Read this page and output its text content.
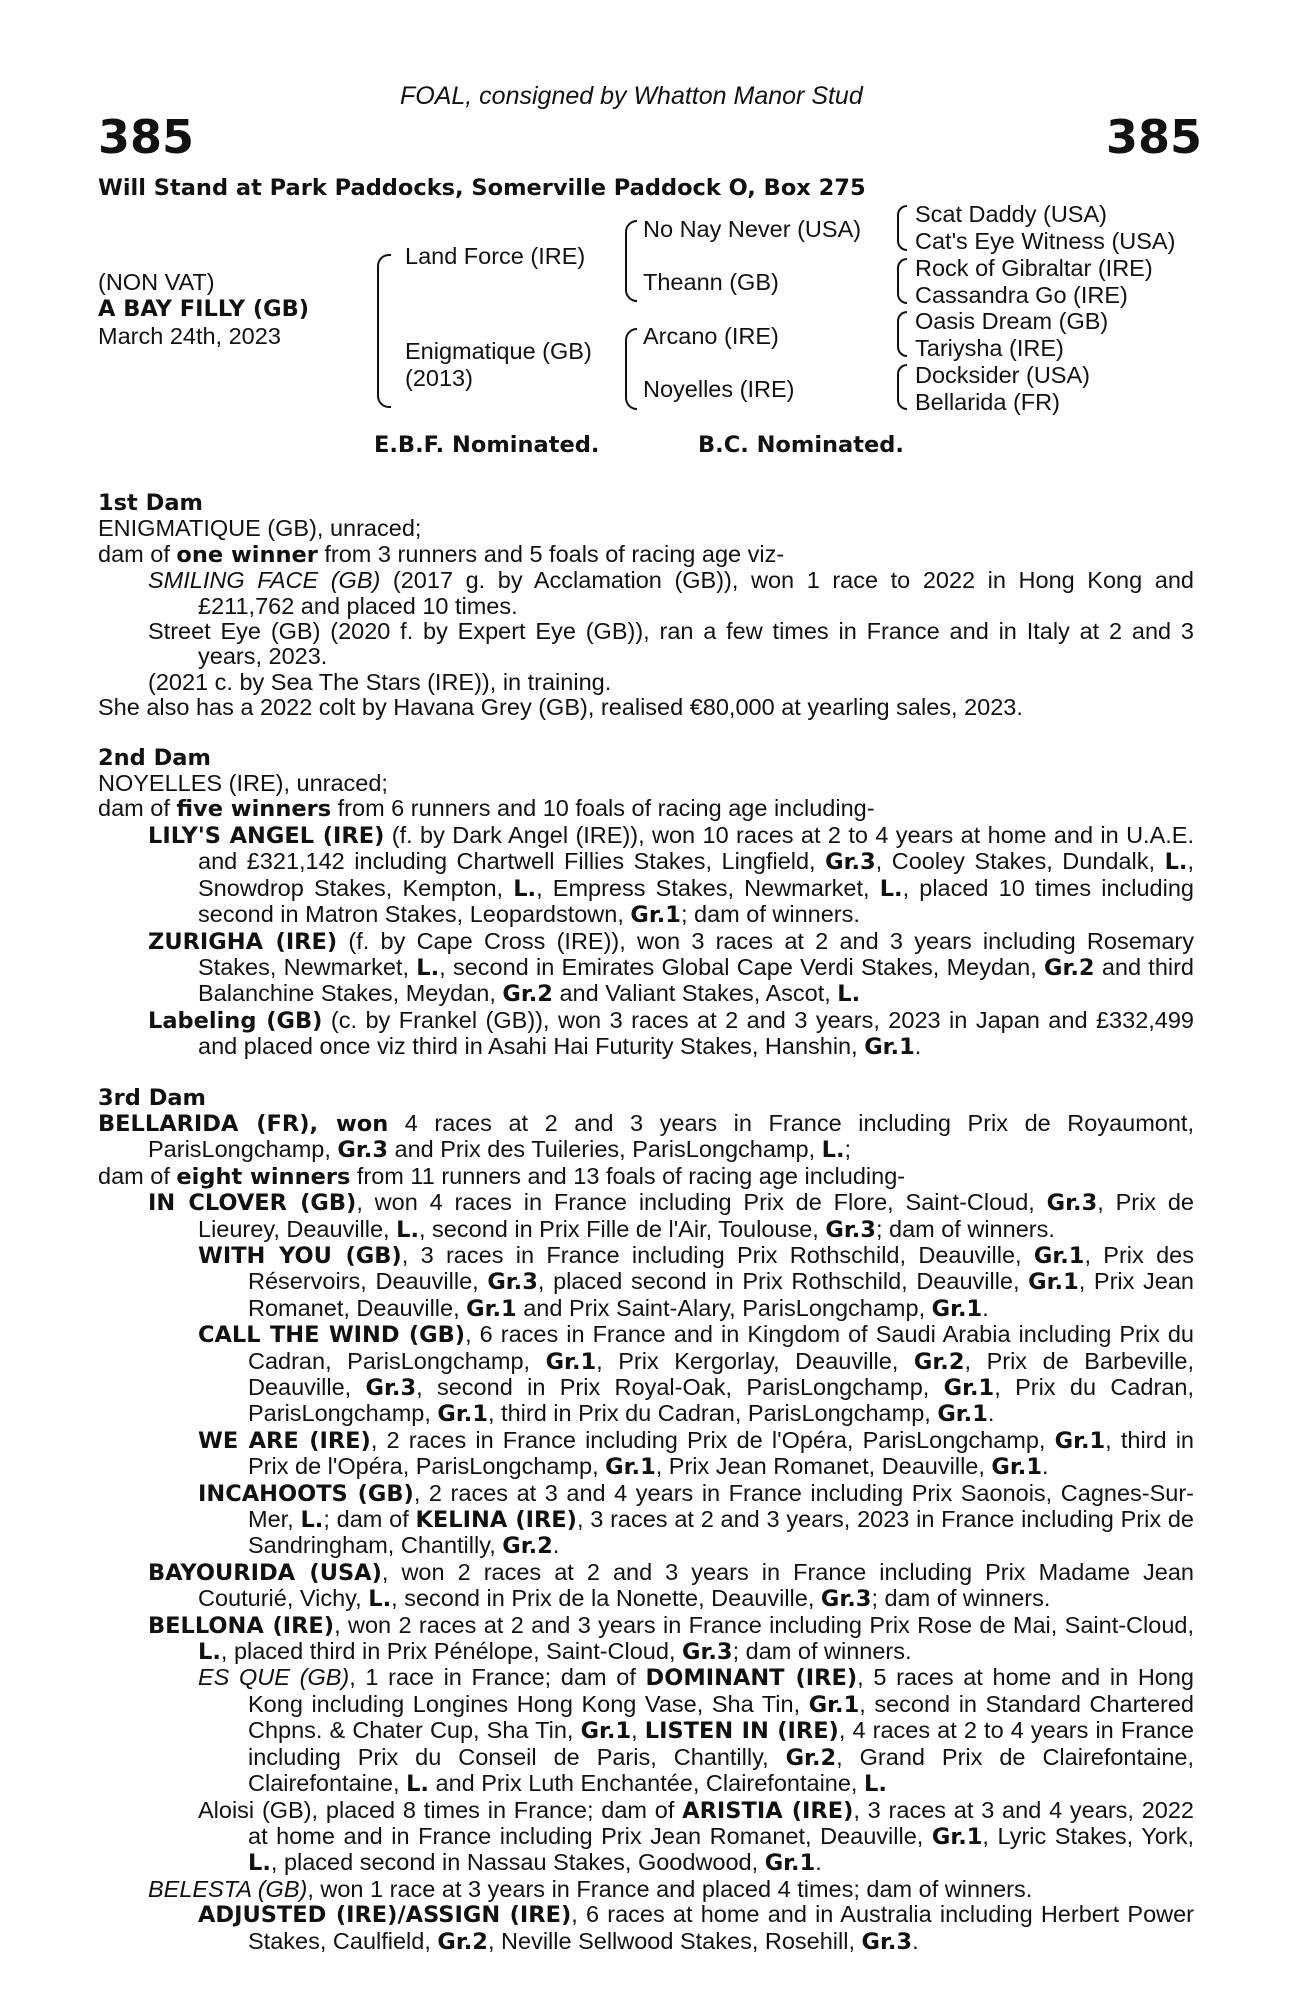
FOAL, consigned by Whatton Manor Stud
385	385
Will Stand at Park Paddocks, Somerville Paddock O, Box 275
(NON VAT)
A BAY FILLY (GB)
March 24th, 2023
Land Force (IRE)
Enigmatique (GB)
(2013)
No Nay Never (USA)
Theann (GB)
Arcano (IRE)
Noyelles (IRE)
Scat Daddy (USA)
Cat's Eye Witness (USA)
Rock of Gibraltar (IRE)
Cassandra Go (IRE)
Oasis Dream (GB)
Tariysha (IRE)
Docksider (USA)
Bellarida (FR)
E.B.F. Nominated.	B.C. Nominated.

1st Dam

ENIGMATIQUE (GB), unraced;

dam of one winner from 3 runners and 5 foals of racing age viz-

SMILING FACE (GB) (2017 g. by Acclamation (GB)), won 1 race to 2022 in Hong Kong and £211,762 and placed 10 times.

Street Eye (GB) (2020 f. by Expert Eye (GB)), ran a few times in France and in Italy at 2 and 3 years, 2023.

(2021 c. by Sea The Stars (IRE)), in training.

She also has a 2022 colt by Havana Grey (GB), realised €80,000 at yearling sales, 2023.

2nd Dam

NOYELLES (IRE), unraced;

dam of five winners from 6 runners and 10 foals of racing age including-

LILY'S ANGEL (IRE) (f. by Dark Angel (IRE)), won 10 races at 2 to 4 years at home and in U.A.E. and £321,142 including Chartwell Fillies Stakes, Lingfield, Gr.3, Cooley Stakes, Dundalk, L., Snowdrop Stakes, Kempton, L., Empress Stakes, Newmarket, L., placed 10 times including second in Matron Stakes, Leopardstown, Gr.1; dam of winners.

ZURIGHA (IRE) (f. by Cape Cross (IRE)), won 3 races at 2 and 3 years including Rosemary Stakes, Newmarket, L., second in Emirates Global Cape Verdi Stakes, Meydan, Gr.2 and third Balanchine Stakes, Meydan, Gr.2 and Valiant Stakes, Ascot, L.

Labeling (GB) (c. by Frankel (GB)), won 3 races at 2 and 3 years, 2023 in Japan and £332,499 and placed once viz third in Asahi Hai Futurity Stakes, Hanshin, Gr.1.

3rd Dam

BELLARIDA (FR), won 4 races at 2 and 3 years in France including Prix de Royaumont, ParisLongchamp, Gr.3 and Prix des Tuileries, ParisLongchamp, L.;

dam of eight winners from 11 runners and 13 foals of racing age including-

IN CLOVER (GB), won 4 races in France including Prix de Flore, Saint-Cloud, Gr.3, Prix de Lieurey, Deauville, L., second in Prix Fille de l'Air, Toulouse, Gr.3; dam of winners.

WITH YOU (GB), 3 races in France including Prix Rothschild, Deauville, Gr.1, Prix des Réservoirs, Deauville, Gr.3, placed second in Prix Rothschild, Deauville, Gr.1, Prix Jean Romanet, Deauville, Gr.1 and Prix Saint-Alary, ParisLongchamp, Gr.1.

CALL THE WIND (GB), 6 races in France and in Kingdom of Saudi Arabia including Prix du Cadran, ParisLongchamp, Gr.1, Prix Kergorlay, Deauville, Gr.2, Prix de Barbeville, Deauville, Gr.3, second in Prix Royal-Oak, ParisLongchamp, Gr.1, Prix du Cadran, ParisLongchamp, Gr.1, third in Prix du Cadran, ParisLongchamp, Gr.1.

WE ARE (IRE), 2 races in France including Prix de l'Opéra, ParisLongchamp, Gr.1, third in Prix de l'Opéra, ParisLongchamp, Gr.1, Prix Jean Romanet, Deauville, Gr.1.

INCAHOOTS (GB), 2 races at 3 and 4 years in France including Prix Saonois, Cagnes-Sur-Mer, L.; dam of KELINA (IRE), 3 races at 2 and 3 years, 2023 in France including Prix de Sandringham, Chantilly, Gr.2.

BAYOURIDA (USA), won 2 races at 2 and 3 years in France including Prix Madame Jean Couturié, Vichy, L., second in Prix de la Nonette, Deauville, Gr.3; dam of winners.

BELLONA (IRE), won 2 races at 2 and 3 years in France including Prix Rose de Mai, Saint-Cloud, L., placed third in Prix Pénélope, Saint-Cloud, Gr.3; dam of winners.

ES QUE (GB), 1 race in France; dam of DOMINANT (IRE), 5 races at home and in Hong Kong including Longines Hong Kong Vase, Sha Tin, Gr.1, second in Standard Chartered Chpns. & Chater Cup, Sha Tin, Gr.1, LISTEN IN (IRE), 4 races at 2 to 4 years in France including Prix du Conseil de Paris, Chantilly, Gr.2, Grand Prix de Clairefontaine, Clairefontaine, L. and Prix Luth Enchantée, Clairefontaine, L.

Aloisi (GB), placed 8 times in France; dam of ARISTIA (IRE), 3 races at 3 and 4 years, 2022 at home and in France including Prix Jean Romanet, Deauville, Gr.1, Lyric Stakes, York, L., placed second in Nassau Stakes, Goodwood, Gr.1.

BELESTA (GB), won 1 race at 3 years in France and placed 4 times; dam of winners.

ADJUSTED (IRE)/ASSIGN (IRE), 6 races at home and in Australia including Herbert Power Stakes, Caulfield, Gr.2, Neville Sellwood Stakes, Rosehill, Gr.3.
